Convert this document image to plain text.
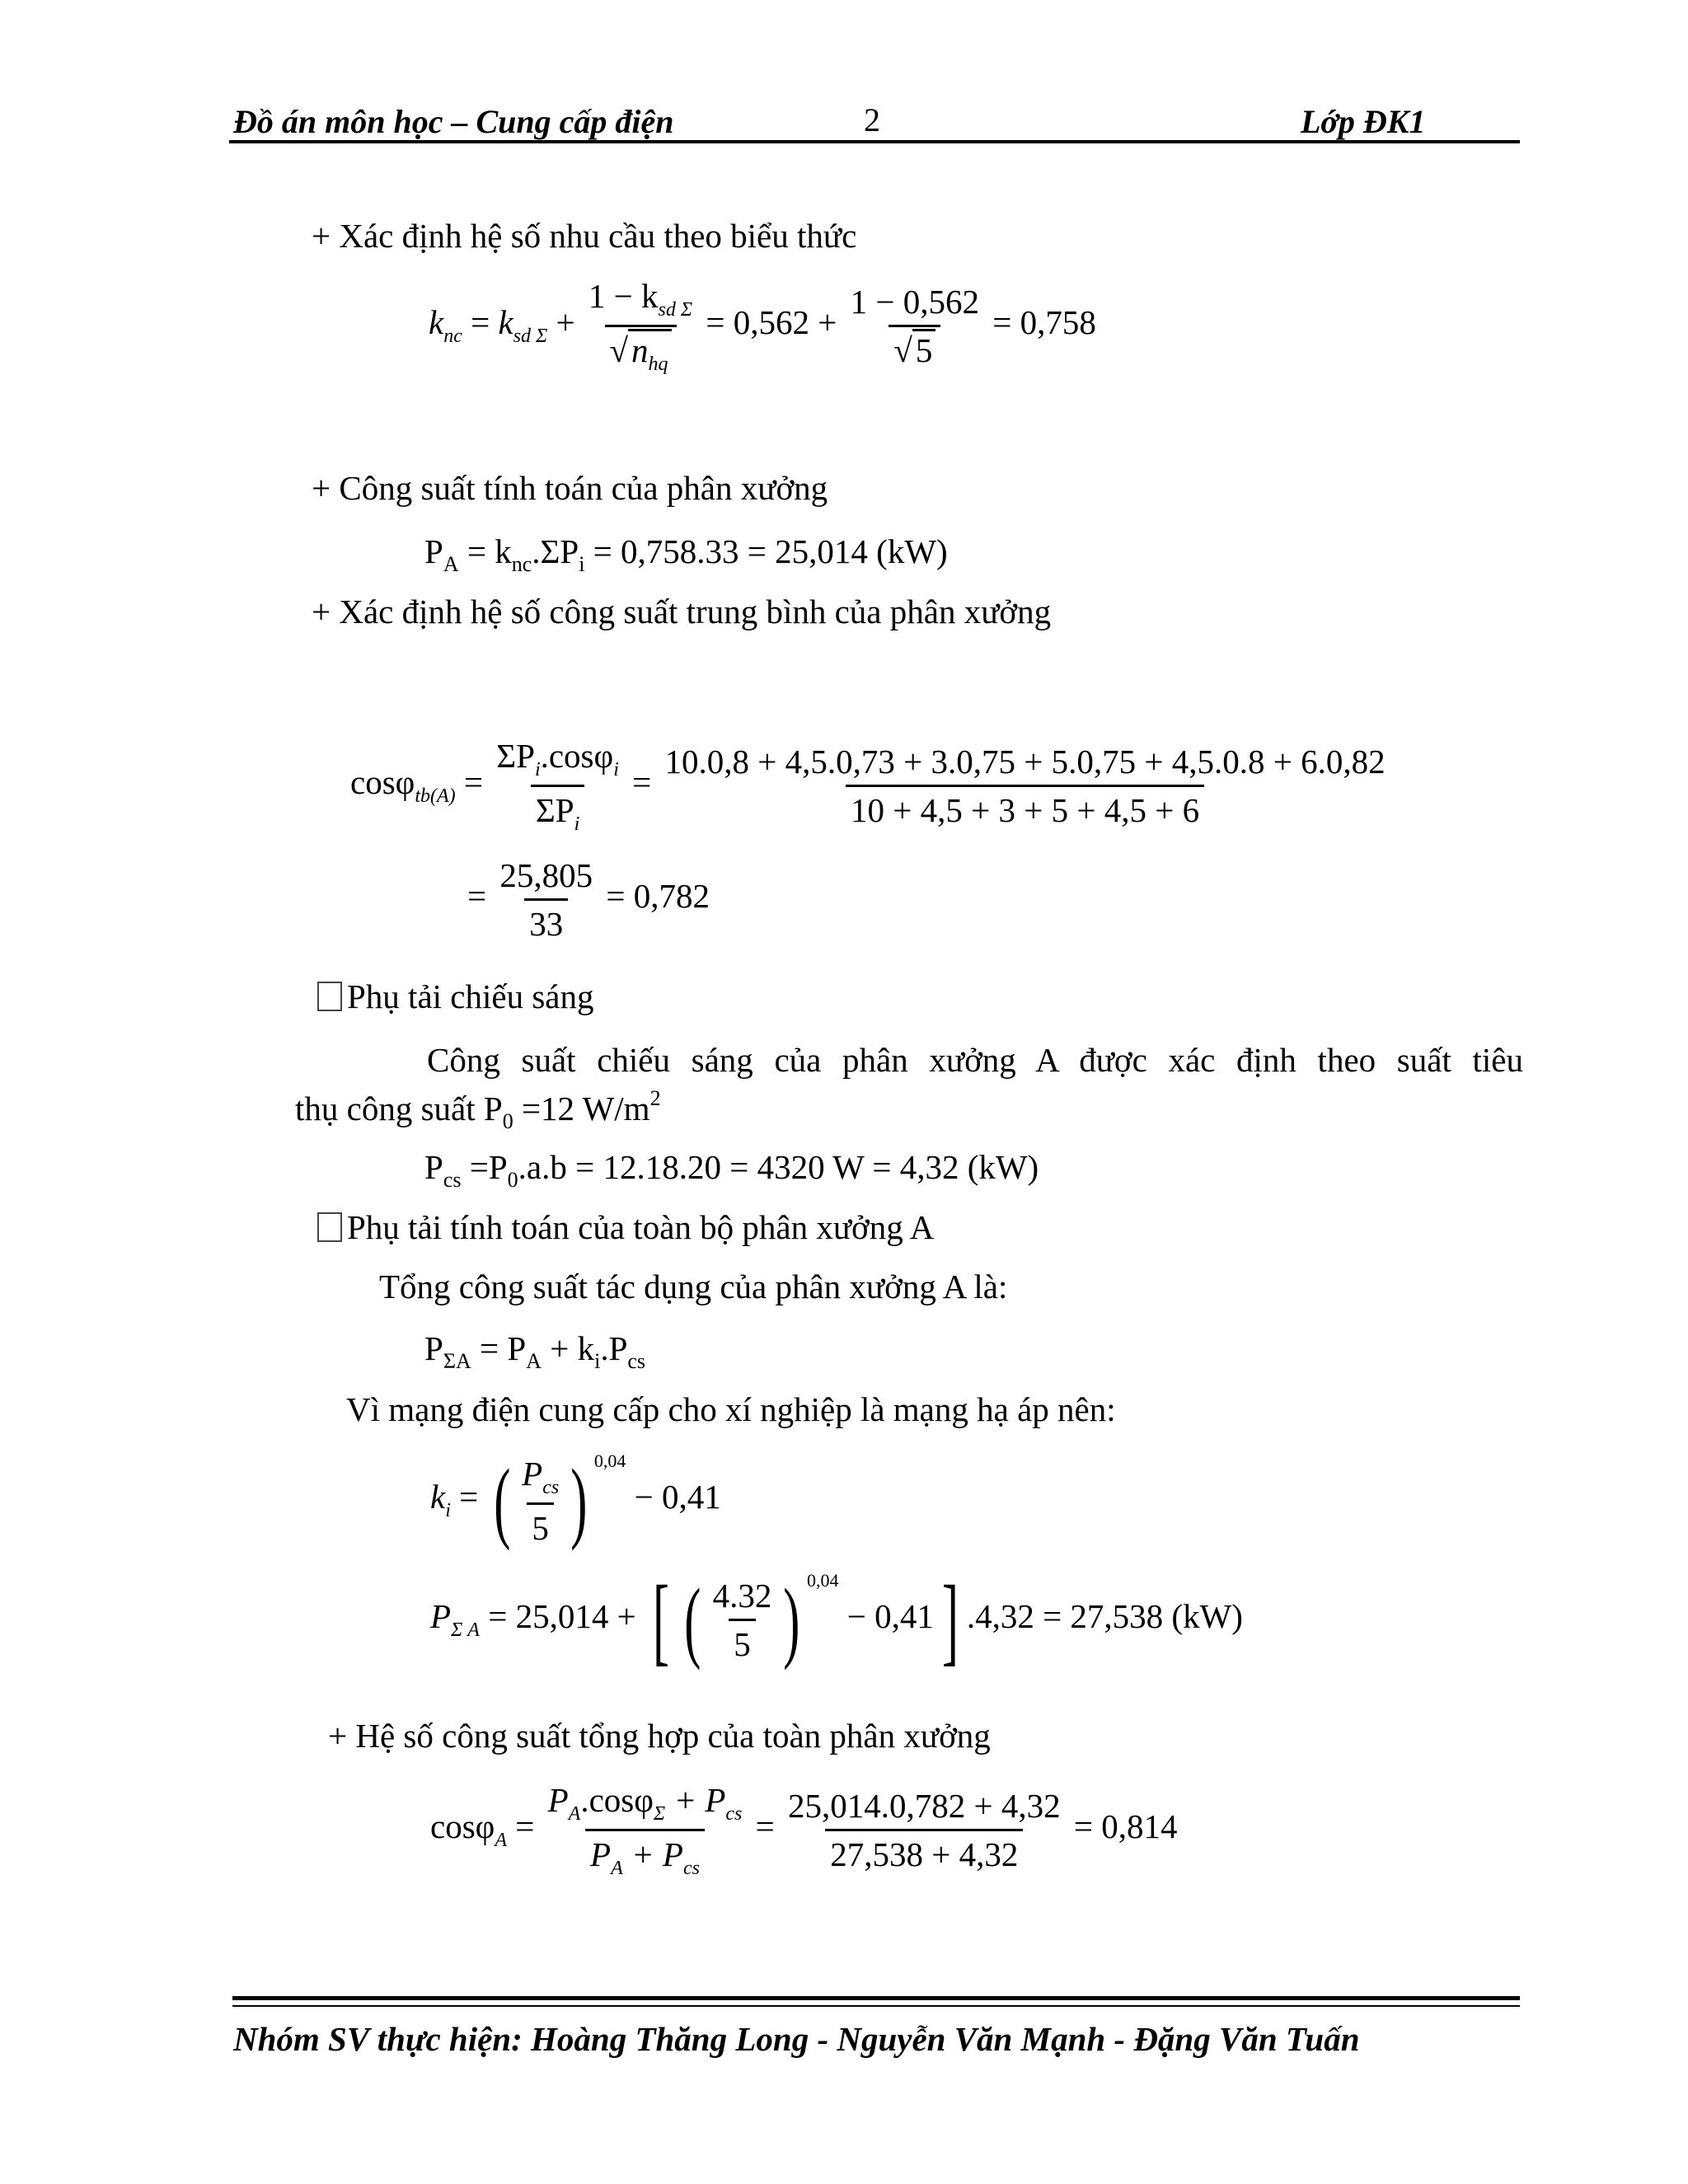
Đồ án môn học – Cung cấp điện	2	Lớp ĐK1
+ Xác định hệ số nhu cầu theo biểu thức
$k_{nc} = k_{sd \Sigma} + \frac{1 - k_{sd \Sigma}}{√n_{hq}} = 0,562 + \frac{1 - 0,562}{√5} = 0,758$
+ Công suất tính toán của phân xưởng
$P_A = k_{nc}.\Sigma P_i = 0,758.33 = 25,014$ (kW)
+ Xác định hệ số công suất trung bình của phân xưởng
$\cos\varphi_{tb(A)} = \frac{\Sigma P_i.\cos\varphi_i}{\Sigma P_i} = \frac{10.0,8 + 4,5.0,73 + 3.0,75 + 5.0,75 + 4,5.0.8 + 6.0,82}{10 + 4,5 + 3 + 5 + 4,5 + 6}$
= $\frac{25,805}{33} = 0,782$
Phụ tải chiếu sáng
Công suất chiếu sáng của phân xưởng A được xác định theo suất tiêu
thụ công suất $P_0 =12$ $W/m^2$
$P_{cs} =P_0.a.b = 12.18.20 = 4320$ W = 4,32 (kW)
Phụ tải tính toán của toàn bộ phân xưởng A
Tổng công suất tác dụng của phân xưởng A là:
$P_{\Sigma A} = P_A + k_i.P_{cs}$
Vì mạng điện cung cấp cho xí nghiệp là mạng hạ áp nên:
$k_i$ = ( $\frac{P_{cs}}{5}$ ) $^{0,04}$ − 0,41
$P_{\Sigma A} = 25,014$ + [ ( $\frac{4.32}{5}$ ) $^{0,04}$ − 0,41] .4,32 = 27,538 (kW)
+ Hệ số công suất tổng hợp của toàn phân xưởng
$\cos\varphi_A = \frac{P_A.\cos\varphi_\Sigma + P_{cs}}{P_A + P_{cs}} = \frac{25,014.0,782 + 4,32}{27,538 + 4,32} = 0,814$
Nhóm SV thực hiện: Hoàng Thăng Long - Nguyễn Văn Mạnh - Đặng Văn Tuấn
